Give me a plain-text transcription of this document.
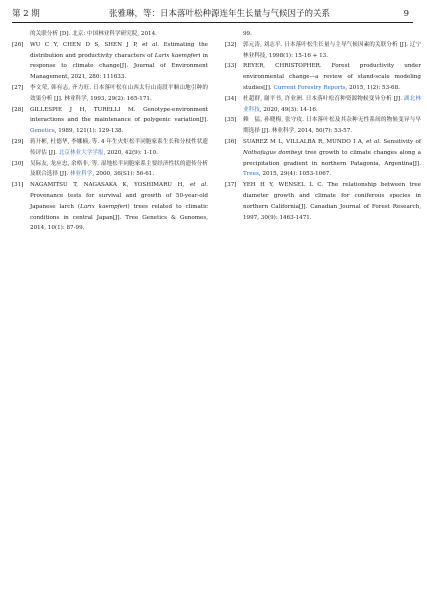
第 2 期	张雅琳，等：日本落叶松种源连年生长量与气候因子的关系	9
的关联分析 [D]. 北京: 中国林业科学研究院, 2014.
[26] WU C Y, CHEN D S, SHEN J P, et al. Estimating the distribution and productivity characters of Larix kaempferi in response to climate change[J]. Journal of Environment Management, 2021, 280: 111633.
[27] 李文荣, 韩有志, 齐力旺. 日本落叶松在山西太行山南段平顺山地引种的效果分析 [J]. 林业科学, 1993, 29(2): 165-171.
[28] GILLESPIE J H, TURELLI M. Genotype-environment interactions and the maintenance of polygenic variation[J]. Genetics, 1989, 121(1): 129-138.
[29] 蒋开彬, 杜德华, 李娜楠, 等. 4 年生火炬松半同胞家系生长和分枝性状遗传评估 [J]. 北京林业大学学报, 2020, 42(9): 1-10.
[30] 吴际友, 龙应忠, 余格非, 等. 湿地松半同胞家系主要经济性状的遗传分析及联合选择 [J]. 林业科学, 2000, 36(S1): 56-61.
[31] NAGAMITSU T, NAGASAKA K, YOSHIMARU H, et al. Provenance tests for survival and growth of 50-year-old Japanese larch (Larix kaempferi) trees related to climatic conditions in central Japan[J]. Tree Genetics & Genomes, 2014, 10(1): 87-99.
99.
[32] 郭元涛, 刘志平. 日本落叶松生长量与主导气候因素的关联分析 [J]. 辽宁林业科技, 1998(1): 15-16 + 13.
[33] REYER, CHRISTOPHER. Forest productivity under environmental change—a review of stand-scale modeling studies[J]. Current Forestry Reports, 2015, 1(2): 53-68.
[34] 杜超群, 谢平书, 许业洲. 日本落叶松育种资源物候变异分析 [J]. 湖北林业科技, 2020, 49(3): 14-16.
[35] 赖　猛, 孙晓梅, 张守攻. 日本落叶松及其杂种无性系间的物候变异与早期选择 [J]. 林业科学, 2014, 50(7): 53-57.
[36] SUAREZ M L, VILLALBA R, MUNDO I A, et al. Sensitivity of Nothofagus dombeyi tree growth to climate changes along a precipitation gradient in northern Patagonia, Argentina[J]. Trees, 2015, 29(4): 1053-1067.
[37] YEH H Y, WENSEL L C. The relationship between tree diameter growth and climate for coniferous species in northern California[J]. Canadian Journal of Forest Research, 1997, 30(9): 1463-1471.
